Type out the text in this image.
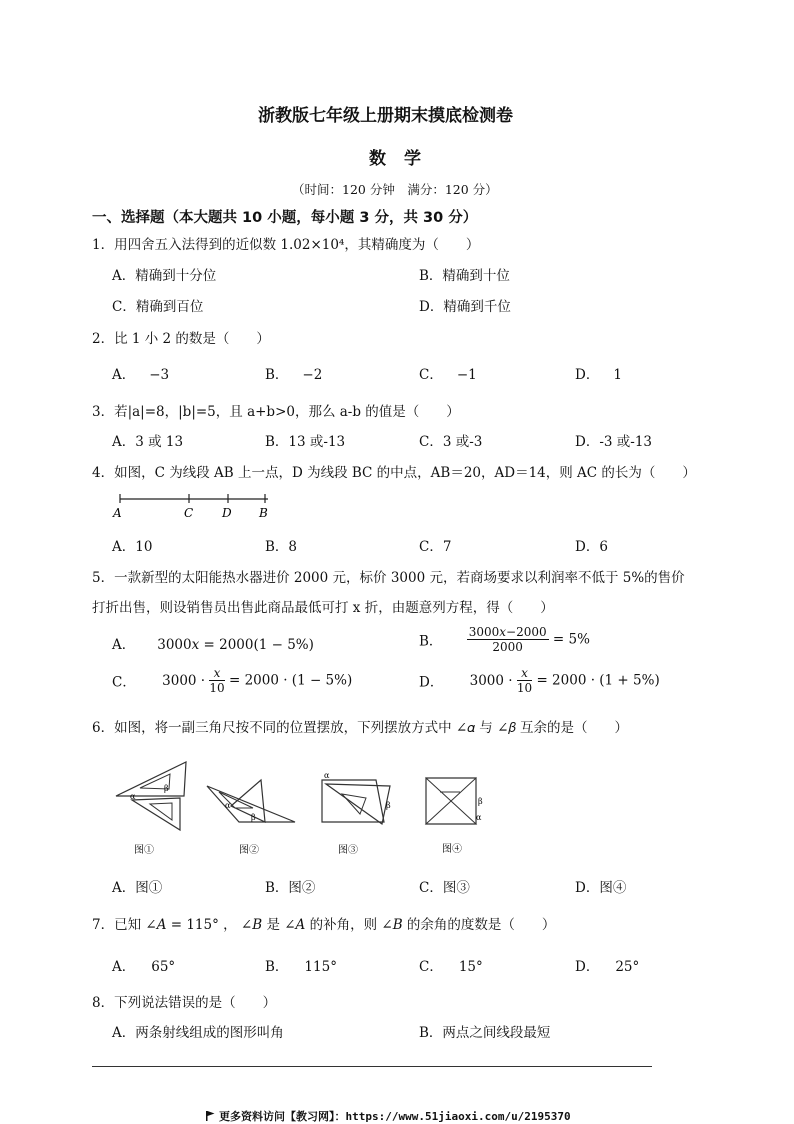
浙教版七年级上册期末摸底检测卷
数学
（时间：120 分钟　满分：120 分）
一、选择题（本大题共 10 小题，每小题 3 分，共 30 分）
1．用四舍五入法得到的近似数 1.02×10⁴，其精确度为（　　）
A．精确到十分位	B．精确到十位
C．精确到百位	D．精确到千位
2．比 1 小 2 的数是（　　）
A． −3	B． −2	C． −1	D． 1
3．若|a|=8，|b|=5，且 a+b>0，那么 a-b 的值是（　　）
A．3 或 13	B．13 或-13	C．3 或-3	D．-3 或-13
4．如图，C 为线段 AB 上一点，D 为线段 BC 的中点，AB＝20，AD＝14，则 AC 的长为（　　）
A	C D B
A．10	B．8	C．7	D．6
5．一款新型的太阳能热水器进价 2000 元，标价 3000 元，若商场要求以利润率不低于 5%的售价
打折出售，则设销售员出售此商品最低可打 x 折，由题意列方程，得（　　）
A． 3000𝑥 = 2000(1 − 5%)	B． $\frac{\text{3000𝑥−2000}}{2000} = 5\%$
C． $3000 \cdot \frac{\text{𝑥}}{10} = 2000 \cdot (1 - 5\%)$	D． $3000 \cdot \frac{\text{𝑥}}{10} = 2000 \cdot (1 + 5\%)$
6．如图，将一副三角尺按不同的位置摆放，下列摆放方式中 ∠𝛼 与 ∠𝛽 互余的是（　　）
α
β
图①
α
β
图②
α
β
图③
β
α
图④
A．图①	B．图②	C．图③	D．图④
7．已知 ∠𝐴 = 115° ， ∠𝐵 是 ∠𝐴 的补角，则 ∠𝐵 的余角的度数是（　　）
A． 65°	B． 115°	C． 15°	D． 25°
8．下列说法错误的是（　　）
A．两条射线组成的图形叫角	B．两点之间线段最短
更多资料访问【教习网】：https://www.51jiaoxi.com/u/2195370
